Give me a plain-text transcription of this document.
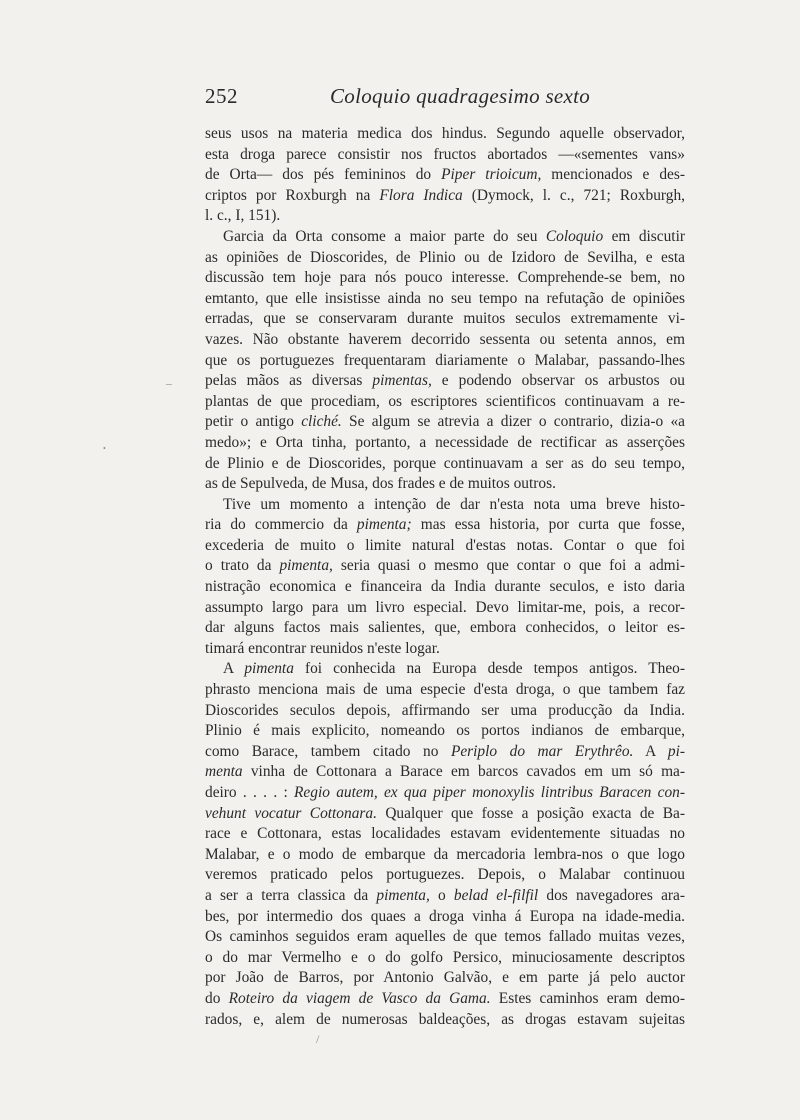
252	Coloquio quadragesimo sexto
seus usos na materia medica dos hindus. Segundo aquelle observador,
esta droga parece consistir nos fructos abortados —«sementes vans»
de Orta— dos pés femininos do Piper trioicum, mencionados e des-
criptos por Roxburgh na Flora Indica (Dymock, l. c., 721; Roxburgh,
l. c., I, 151).
Garcia da Orta consome a maior parte do seu Coloquio em discutir
as opiniões de Dioscorides, de Plinio ou de Izidoro de Sevilha, e esta
discussão tem hoje para nós pouco interesse. Comprehende-se bem, no
emtanto, que elle insistisse ainda no seu tempo na refutação de opiniões
erradas, que se conservaram durante muitos seculos extremamente vi-
vazes. Não obstante haverem decorrido sessenta ou setenta annos, em
que os portuguezes frequentaram diariamente o Malabar, passando-lhes
pelas mãos as diversas pimentas, e podendo observar os arbustos ou
plantas de que procediam, os escriptores scientificos continuavam a re-
petir o antigo cliché. Se algum se atrevia a dizer o contrario, dizia-o «a
medo»; e Orta tinha, portanto, a necessidade de rectificar as asserções
de Plinio e de Dioscorides, porque continuavam a ser as do seu tempo,
as de Sepulveda, de Musa, dos frades e de muitos outros.
Tive um momento a intenção de dar n'esta nota uma breve histo-
ria do commercio da pimenta; mas essa historia, por curta que fosse,
excederia de muito o limite natural d'estas notas. Contar o que foi
o trato da pimenta, seria quasi o mesmo que contar o que foi a admi-
nistração economica e financeira da India durante seculos, e isto daria
assumpto largo para um livro especial. Devo limitar-me, pois, a recor-
dar alguns factos mais salientes, que, embora conhecidos, o leitor es-
timará encontrar reunidos n'este logar.
A pimenta foi conhecida na Europa desde tempos antigos. Theo-
phrasto menciona mais de uma especie d'esta droga, o que tambem faz
Dioscorides seculos depois, affirmando ser uma producção da India.
Plinio é mais explicito, nomeando os portos indianos de embarque,
como Barace, tambem citado no Periplo do mar Erythrêo. A pi-
menta vinha de Cottonara a Barace em barcos cavados em um só ma-
deiro . . . . : Regio autem, ex qua piper monoxylis lintribus Baracen con-
vehunt vocatur Cottonara. Qualquer que fosse a posição exacta de Ba-
race e Cottonara, estas localidades estavam evidentemente situadas no
Malabar, e o modo de embarque da mercadoria lembra-nos o que logo
veremos praticado pelos portuguezes. Depois, o Malabar continuou
a ser a terra classica da pimenta, o belad el-filfil dos navegadores ara-
bes, por intermedio dos quaes a droga vinha á Europa na idade-media.
Os caminhos seguidos eram aquelles de que temos fallado muitas vezes,
o do mar Vermelho e o do golfo Persico, minuciosamente descriptos
por João de Barros, por Antonio Galvão, e em parte já pelo auctor
do Roteiro da viagem de Vasco da Gama. Estes caminhos eram demo-
rados, e, alem de numerosas baldeações, as drogas estavam sujeitas
–
•
/
